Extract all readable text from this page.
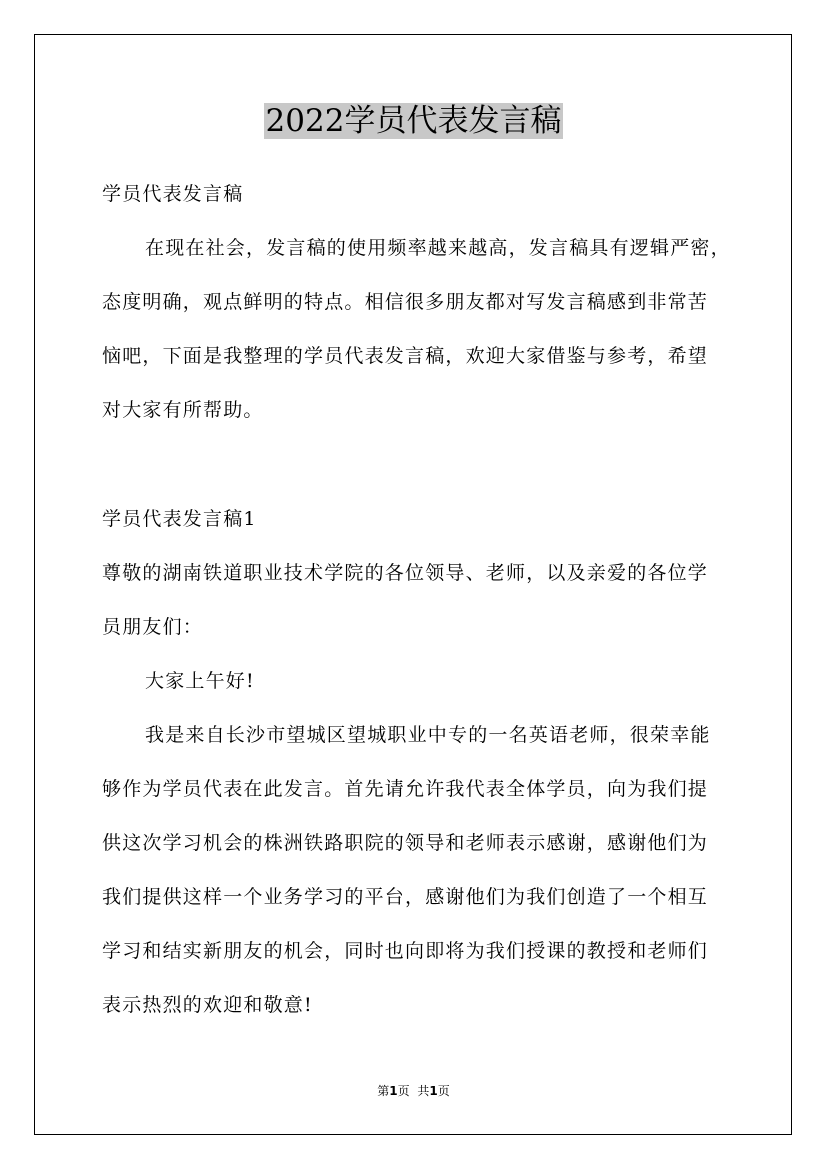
2022学员代表发言稿
学员代表发言稿
在现在社会，发言稿的使用频率越来越高，发言稿具有逻辑严密，
态度明确，观点鲜明的特点。相信很多朋友都对写发言稿感到非常苦
恼吧，下面是我整理的学员代表发言稿，欢迎大家借鉴与参考，希望
对大家有所帮助。
学员代表发言稿1
尊敬的湖南铁道职业技术学院的各位领导、老师，以及亲爱的各位学
员朋友们：
大家上午好!
我是来自长沙市望城区望城职业中专的一名英语老师，很荣幸能
够作为学员代表在此发言。首先请允许我代表全体学员，向为我们提
供这次学习机会的株洲铁路职院的领导和老师表示感谢，感谢他们为
我们提供这样一个业务学习的平台，感谢他们为我们创造了一个相互
学习和结实新朋友的机会，同时也向即将为我们授课的教授和老师们
表示热烈的欢迎和敬意!
第1页 共1页
